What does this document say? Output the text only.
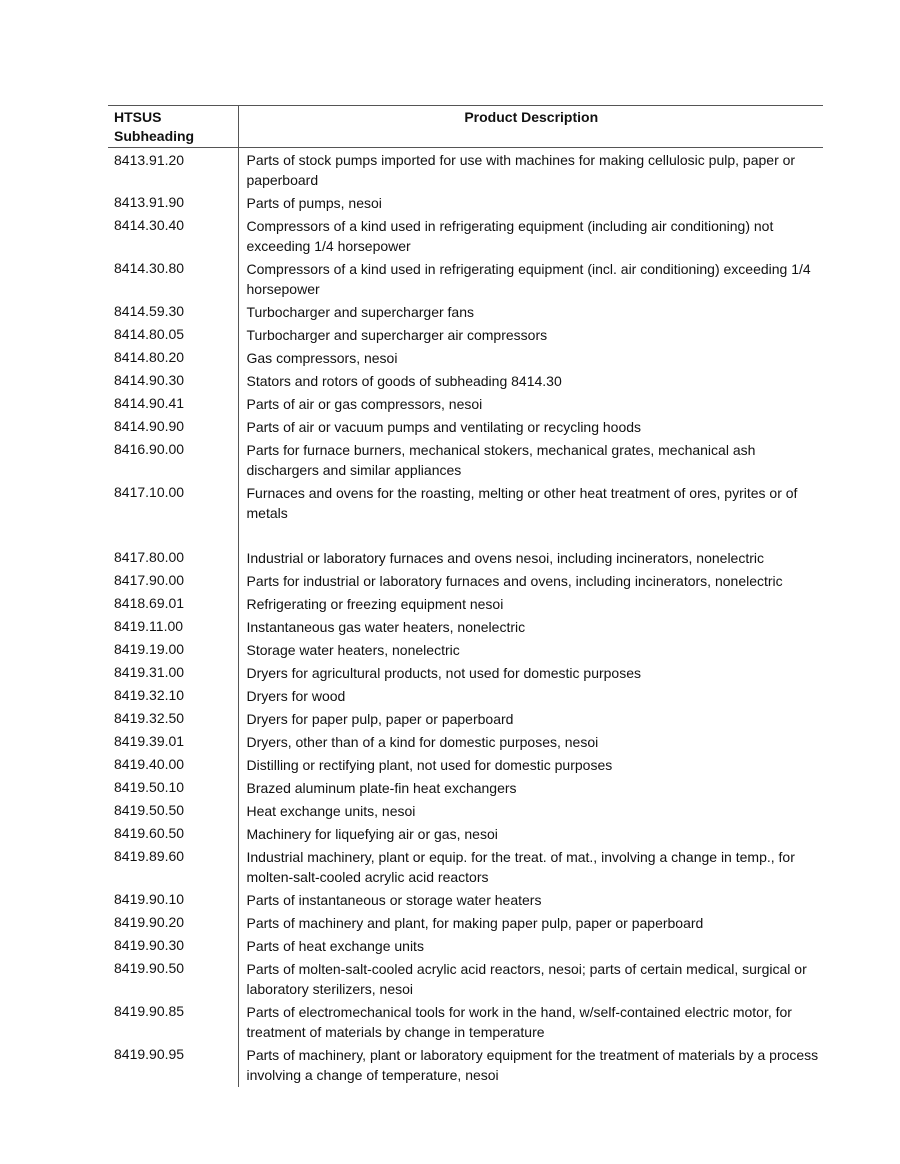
HTSUS
Subheading	Product Description
8413.91.20	Parts of stock pumps imported for use with machines for making cellulosic pulp, paper or paperboard
8413.91.90	Parts of pumps, nesoi
8414.30.40	Compressors of a kind used in refrigerating equipment (including air conditioning) not exceeding 1/4 horsepower
8414.30.80	Compressors of a kind used in refrigerating equipment (incl. air conditioning) exceeding 1/4 horsepower
8414.59.30	Turbocharger and supercharger fans
8414.80.05	Turbocharger and supercharger air compressors
8414.80.20	Gas compressors, nesoi
8414.90.30	Stators and rotors of goods of subheading 8414.30
8414.90.41	Parts of air or gas compressors, nesoi
8414.90.90	Parts of air or vacuum pumps and ventilating or recycling hoods
8416.90.00	Parts for furnace burners, mechanical stokers, mechanical grates, mechanical ash dischargers and similar appliances
8417.10.00	Furnaces and ovens for the roasting, melting or other heat treatment of ores, pyrites or of metals
8417.80.00	Industrial or laboratory furnaces and ovens nesoi, including incinerators, nonelectric
8417.90.00	Parts for industrial or laboratory furnaces and ovens, including incinerators, nonelectric
8418.69.01	Refrigerating or freezing equipment nesoi
8419.11.00	Instantaneous gas water heaters, nonelectric
8419.19.00	Storage water heaters, nonelectric
8419.31.00	Dryers for agricultural products, not used for domestic purposes
8419.32.10	Dryers for wood
8419.32.50	Dryers for paper pulp, paper or paperboard
8419.39.01	Dryers, other than of a kind for domestic purposes, nesoi
8419.40.00	Distilling or rectifying plant, not used for domestic purposes
8419.50.10	Brazed aluminum plate-fin heat exchangers
8419.50.50	Heat exchange units, nesoi
8419.60.50	Machinery for liquefying air or gas, nesoi
8419.89.60	Industrial machinery, plant or equip. for the treat. of mat., involving a change in temp., for molten-salt-cooled acrylic acid reactors
8419.90.10	Parts of instantaneous or storage water heaters
8419.90.20	Parts of machinery and plant, for making paper pulp, paper or paperboard
8419.90.30	Parts of heat exchange units
8419.90.50	Parts of molten-salt-cooled acrylic acid reactors, nesoi; parts of certain medical, surgical or laboratory sterilizers, nesoi
8419.90.85	Parts of electromechanical tools for work in the hand, w/self-contained electric motor, for treatment of materials by change in temperature
8419.90.95	Parts of machinery, plant or laboratory equipment for the treatment of materials by a process involving a change of temperature, nesoi
